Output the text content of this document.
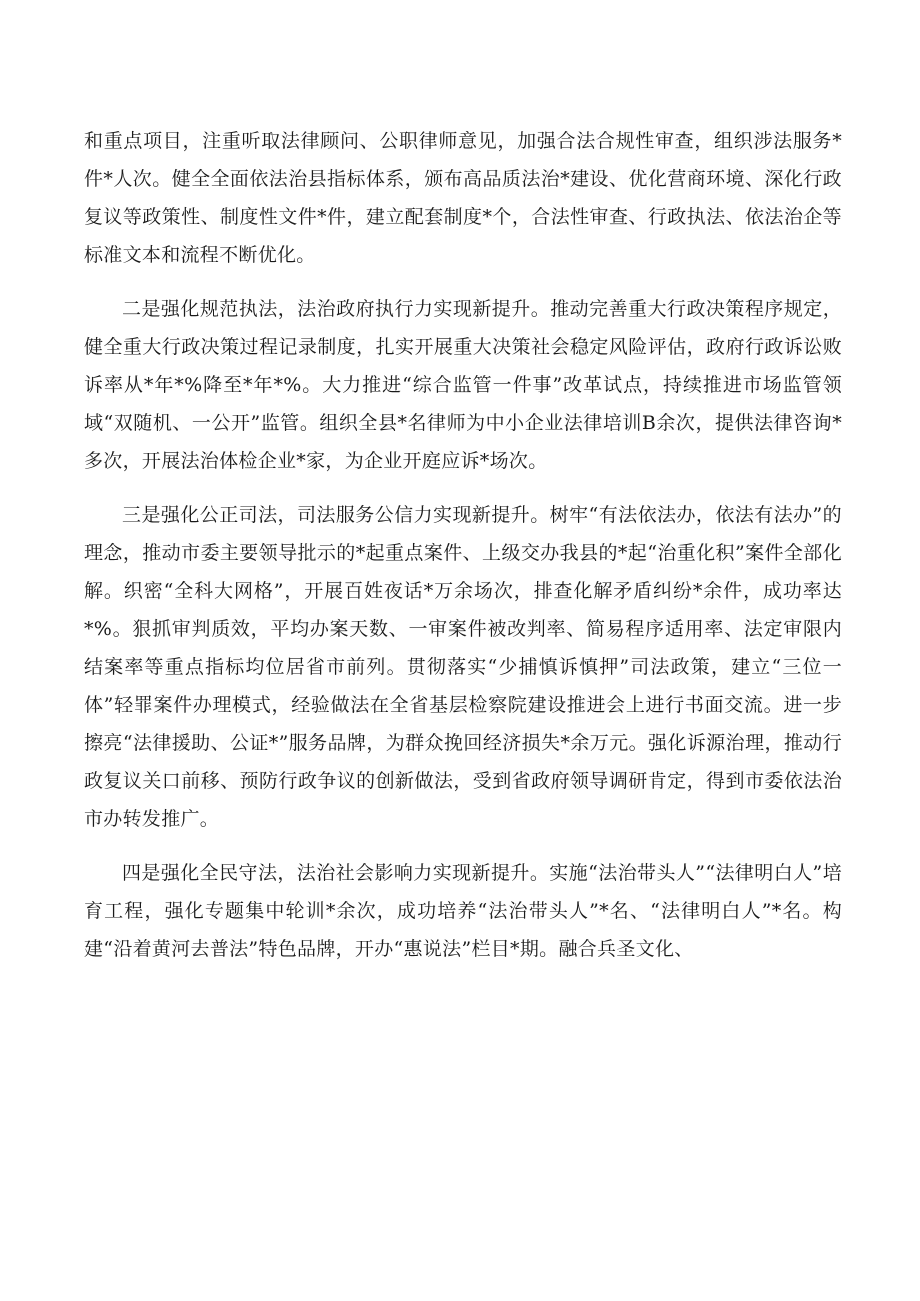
和重点项目，注重听取法律顾问、公职律师意见，加强合法合规性审查，组织涉法服务*件*人次。健全全面依法治县指标体系，颁布高品质法治*建设、优化营商环境、深化行政复议等政策性、制度性文件*件，建立配套制度*个，合法性审查、行政执法、依法治企等标准文本和流程不断优化。

二是强化规范执法，法治政府执行力实现新提升。推动完善重大行政决策程序规定，健全重大行政决策过程记录制度，扎实开展重大决策社会稳定风险评估，政府行政诉讼败诉率从*年*%降至*年*%。大力推进“综合监管一件事”改革试点，持续推进市场监管领域“双随机、一公开”监管。组织全县*名律师为中小企业法律培训B余次，提供法律咨询*多次，开展法治体检企业*家，为企业开庭应诉*场次。

三是强化公正司法，司法服务公信力实现新提升。树牢“有法依法办，依法有法办”的理念，推动市委主要领导批示的*起重点案件、上级交办我县的*起“治重化积”案件全部化解。织密“全科大网格”，开展百姓夜话*万余场次，排查化解矛盾纠纷*余件，成功率达*%。狠抓审判质效，平均办案天数、一审案件被改判率、简易程序适用率、法定审限内结案率等重点指标均位居省市前列。贯彻落实“少捕慎诉慎押”司法政策，建立“三位一体”轻罪案件办理模式，经验做法在全省基层检察院建设推进会上进行书面交流。进一步擦亮“法律援助、公证*”服务品牌，为群众挽回经济损失*余万元。强化诉源治理，推动行政复议关口前移、预防行政争议的创新做法，受到省政府领导调研肯定，得到市委依法治市办转发推广。

四是强化全民守法，法治社会影响力实现新提升。实施“法治带头人”“法律明白人”培育工程，强化专题集中轮训*余次，成功培养“法治带头人”*名、“法律明白人”*名。构建“沿着黄河去普法”特色品牌，开办“惠说法”栏目*期。融合兵圣文化、
